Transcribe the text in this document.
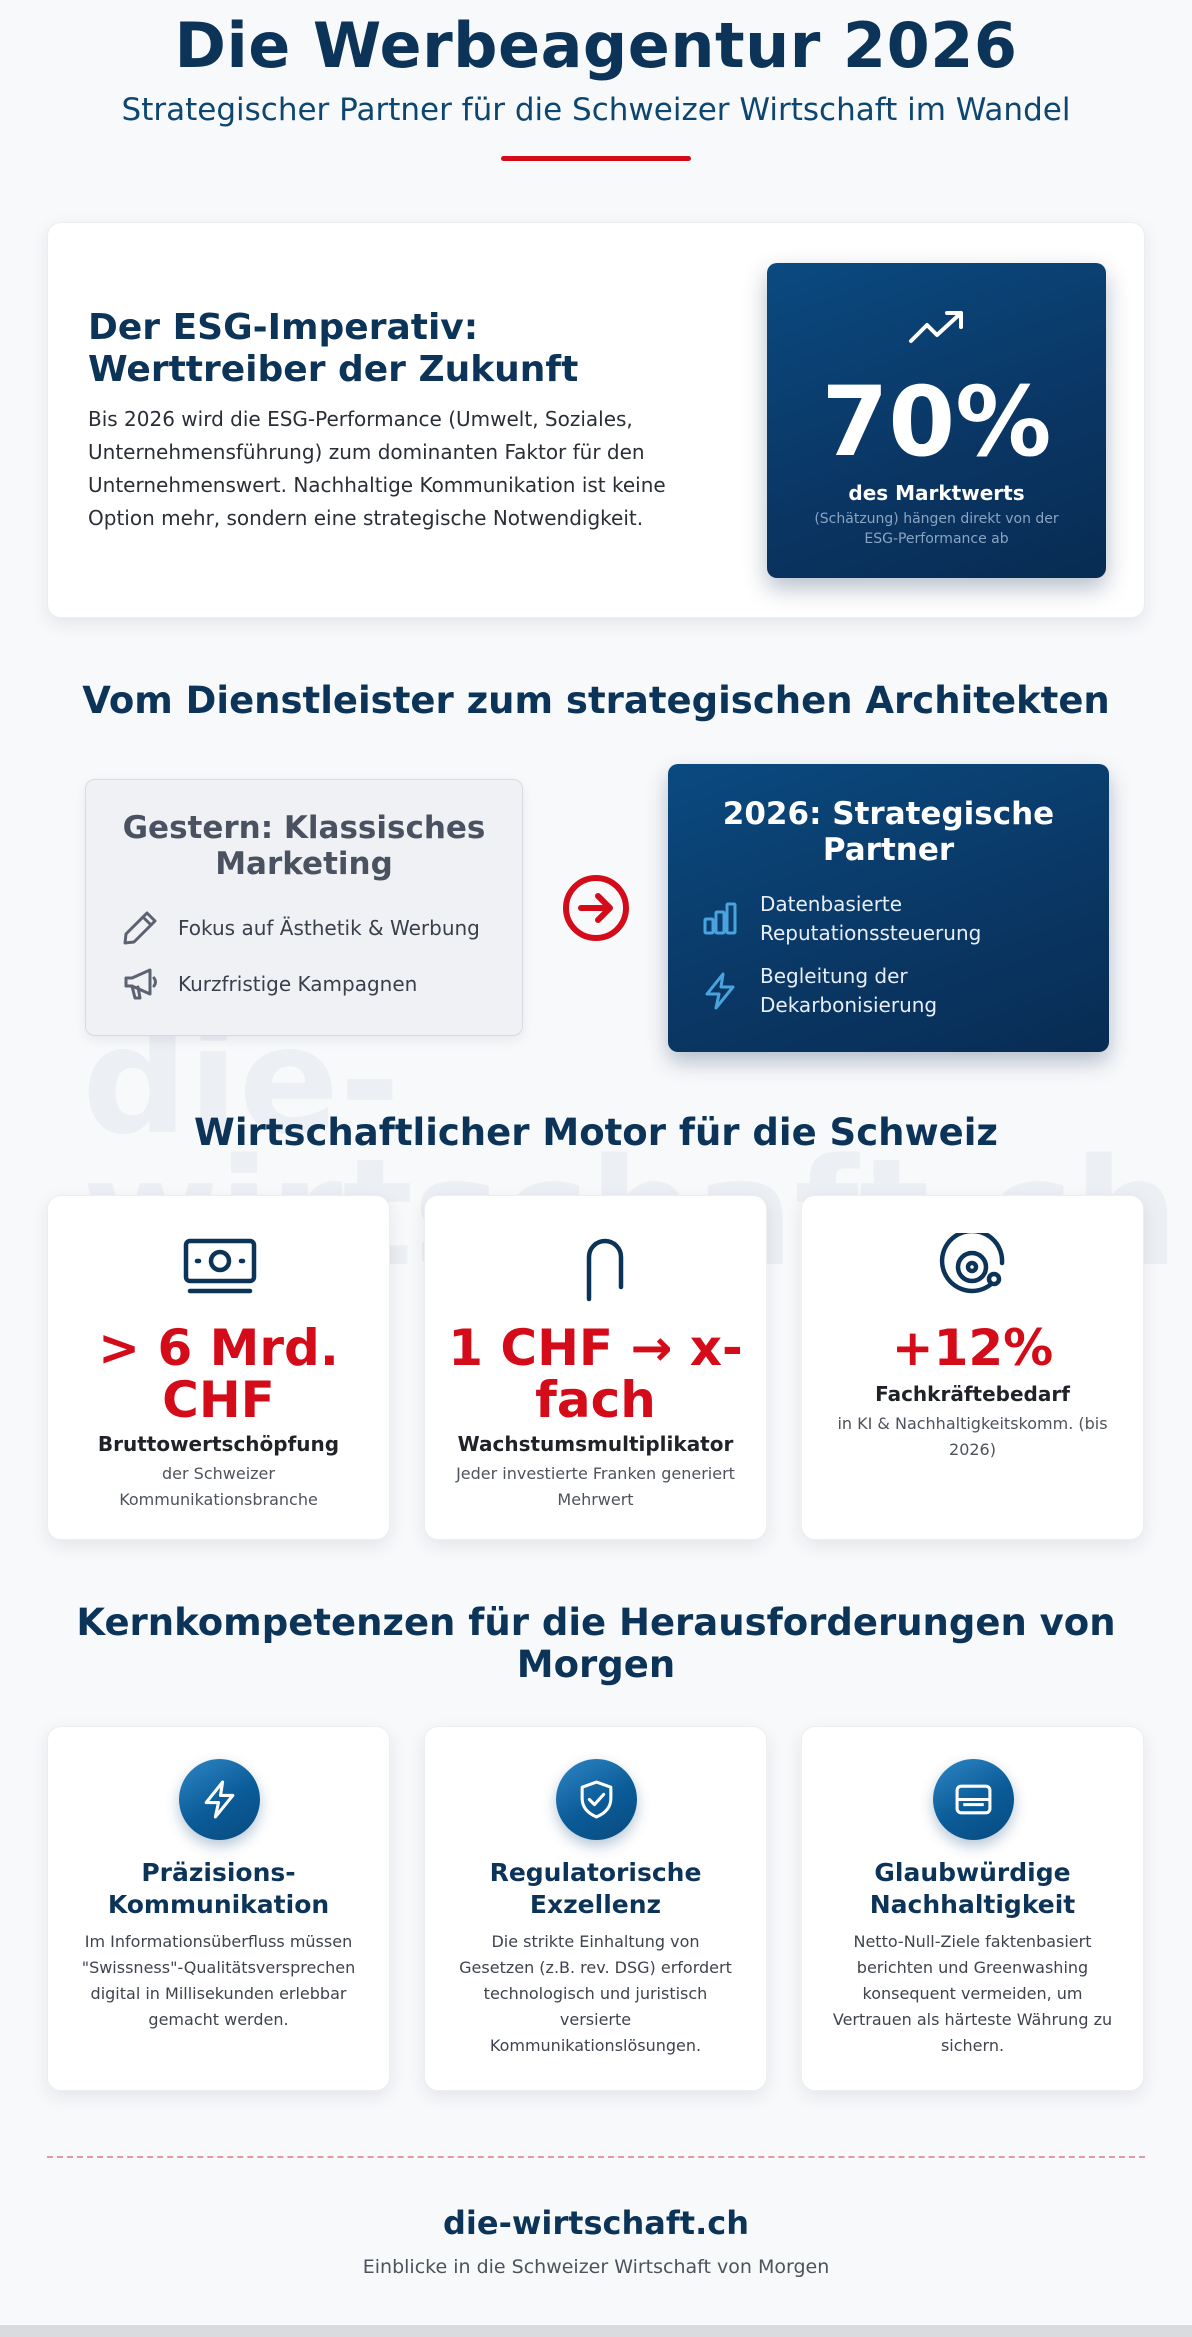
Die Werbeagentur 2026

Strategischer Partner für die Schweizer Wirtschaft im Wandel

Der ESG-Imperativ: Werttreiber der Zukunft

Bis 2026 wird die ESG-Performance (Umwelt, Soziales, Unternehmensführung) zum dominanten Faktor für den Unternehmenswert. Nachhaltige Kommunikation ist keine Option mehr, sondern eine strategische Notwendigkeit.

70%
des Marktwerts
(Schätzung) hängen direkt von der ESG-Performance ab
Vom Dienstleister zum strategischen Architekten
Gestern: Klassisches Marketing
Fokus auf Ästhetik & Werbung
Kurzfristige Kampagnen
2026: Strategische Partner
Datenbasierte Reputationssteuerung
Begleitung der Dekarbonisierung
Wirtschaftlicher Motor für die Schweiz
> 6 Mrd. CHF
Bruttowertschöpfung
der Schweizer Kommunikationsbranche
1 CHF → x-fach
Wachstumsmultiplikator
Jeder investierte Franken generiert Mehrwert
+12%
Fachkräftebedarf
in KI & Nachhaltigkeitskomm. (bis 2026)
Kernkompetenzen für die Herausforderungen von Morgen
Präzisions-Kommunikation
Im Informationsüberfluss müssen "Swissness"-Qualitätsversprechen digital in Millisekunden erlebbar gemacht werden.
Regulatorische Exzellenz
Die strikte Einhaltung von Gesetzen (z.B. rev. DSG) erfordert technologisch und juristisch versierte Kommunikationslösungen.
Glaubwürdige Nachhaltigkeit
Netto-Null-Ziele faktenbasiert berichten und Greenwashing konsequent vermeiden, um Vertrauen als härteste Währung zu sichern.
die-wirtschaft.ch
Einblicke in die Schweizer Wirtschaft von Morgen
